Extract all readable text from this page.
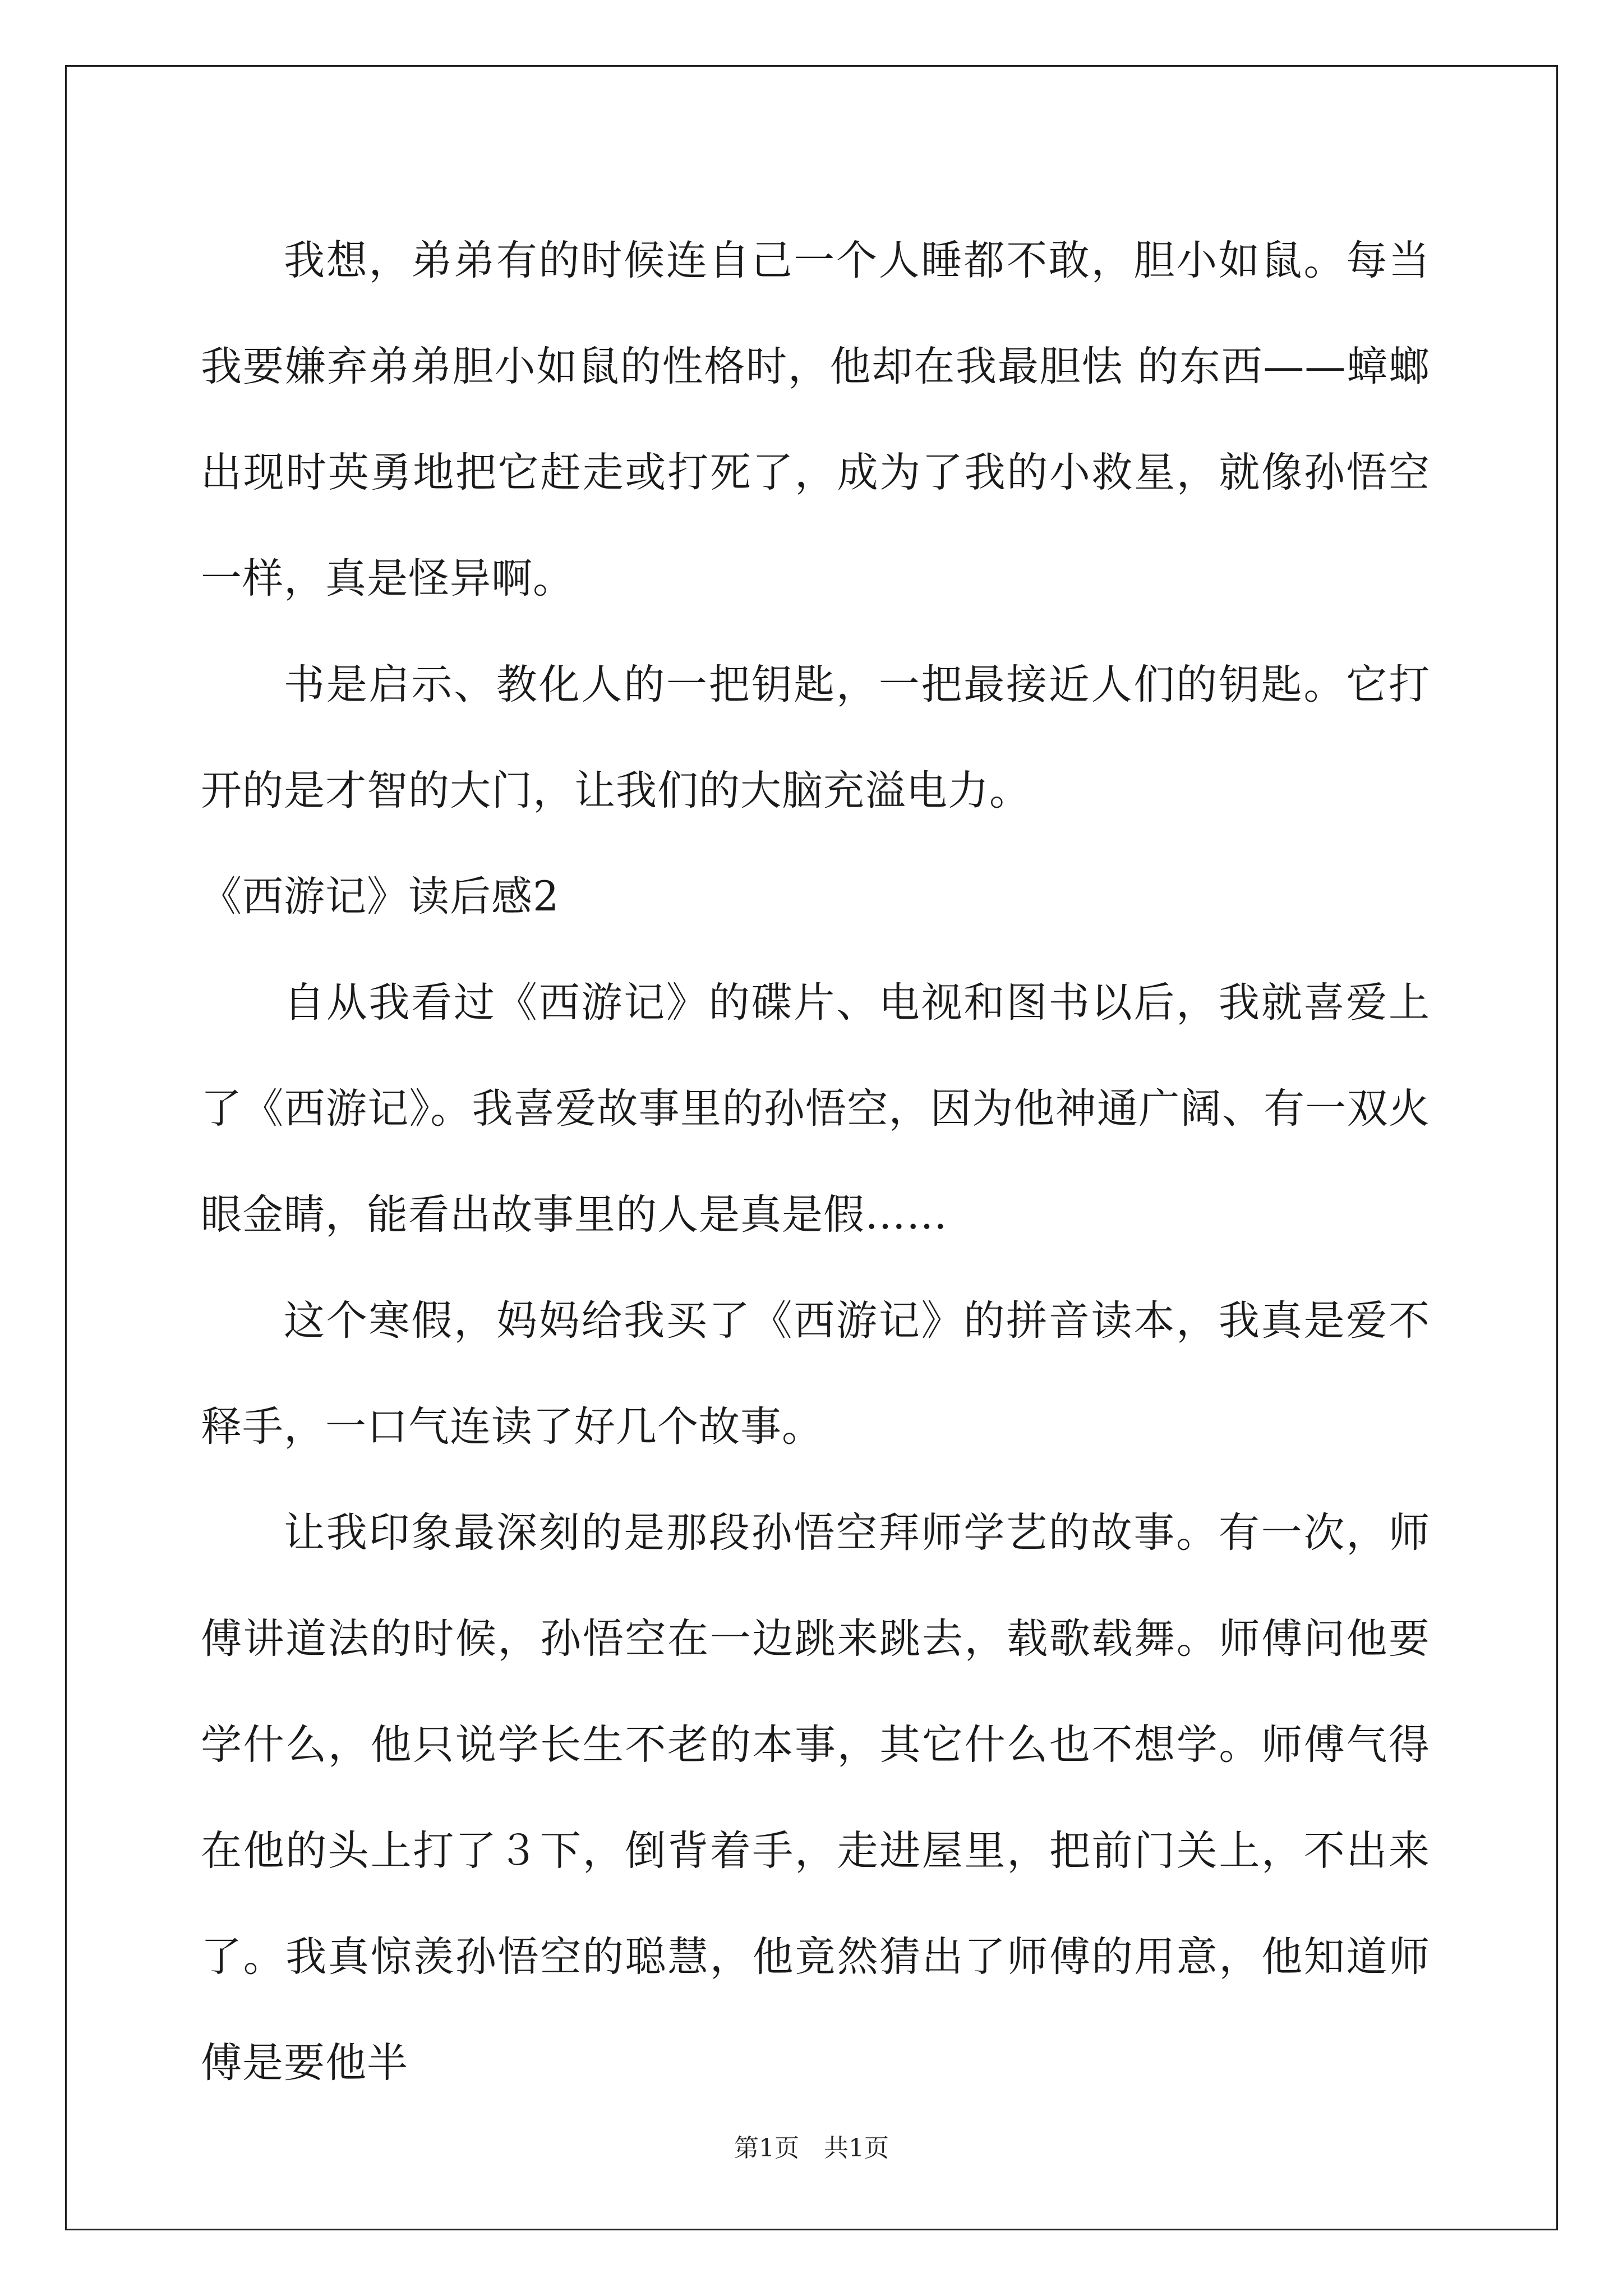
我想，弟弟有的时候连自己一个人睡都不敢，胆小如鼠。每当我要嫌弃弟弟胆小如鼠的性格时，他却在我最胆怯 的东西——蟑螂出现时英勇地把它赶走或打死了，成为了我的小救星，就像孙悟空一样，真是怪异啊。

书是启示、教化人的一把钥匙，一把最接近人们的钥匙。它打开的是才智的大门，让我们的大脑充溢电力。

《西游记》读后感2

自从我看过《西游记》的碟片、电视和图书以后，我就喜爱上了《西游记》。我喜爱故事里的孙悟空，因为他神通广阔、有一双火眼金睛，能看出故事里的人是真是假……

这个寒假，妈妈给我买了《西游记》的拼音读本，我真是爱不释手，一口气连读了好几个故事。

让我印象最深刻的是那段孙悟空拜师学艺的故事。有一次，师傅讲道法的时候，孙悟空在一边跳来跳去，载歌载舞。师傅问他要学什么，他只说学长生不老的本事，其它什么也不想学。师傅气得在他的头上打了３下，倒背着手，走进屋里，把前门关上，不出来了。我真惊羡孙悟空的聪慧，他竟然猜出了师傅的用意，他知道师傅是要他半

第1页 共1页
